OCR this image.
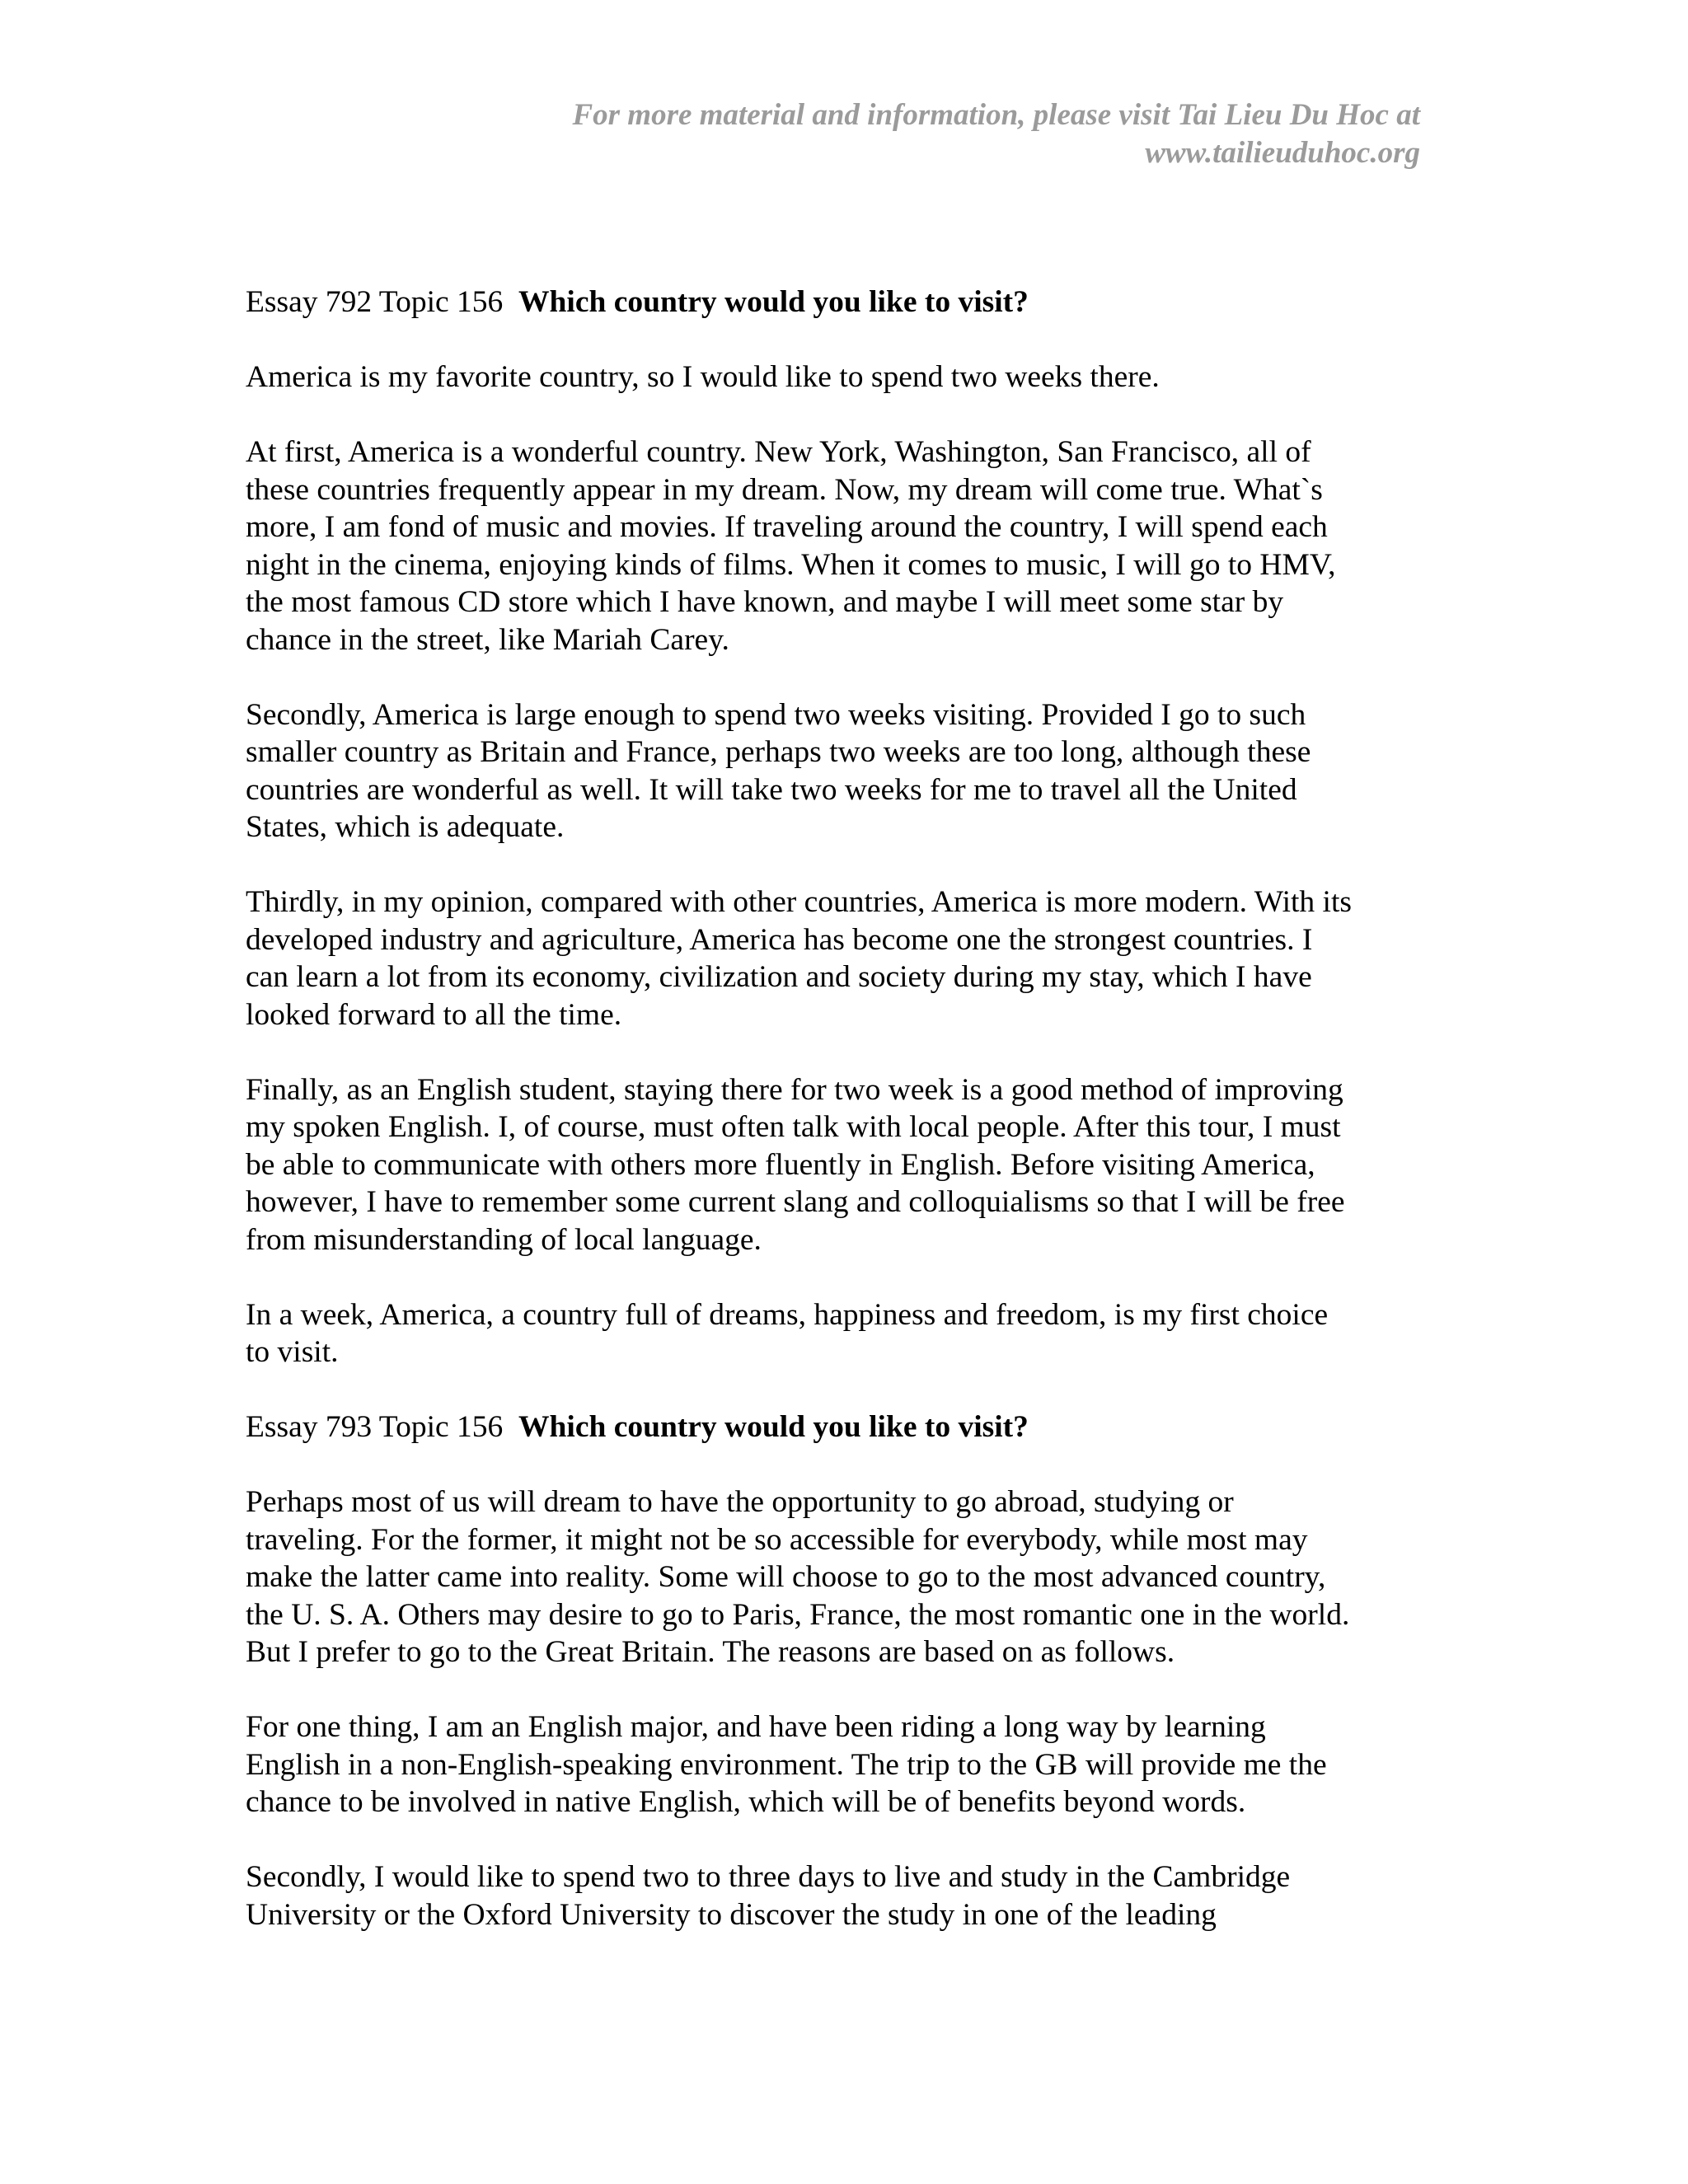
For more material and information, please visit Tai Lieu Du Hoc at
www.tailieuduhoc.org
Essay 792 Topic 156 Which country would you like to visit?
America is my favorite country, so I would like to spend two weeks there.
At first, America is a wonderful country. New York, Washington, San Francisco, all of
these countries frequently appear in my dream. Now, my dream will come true. What`s
more, I am fond of music and movies. If traveling around the country, I will spend each
night in the cinema, enjoying kinds of films. When it comes to music, I will go to HMV,
the most famous CD store which I have known, and maybe I will meet some star by
chance in the street, like Mariah Carey.
Secondly, America is large enough to spend two weeks visiting. Provided I go to such
smaller country as Britain and France, perhaps two weeks are too long, although these
countries are wonderful as well. It will take two weeks for me to travel all the United
States, which is adequate.
Thirdly, in my opinion, compared with other countries, America is more modern. With its
developed industry and agriculture, America has become one the strongest countries. I
can learn a lot from its economy, civilization and society during my stay, which I have
looked forward to all the time.
Finally, as an English student, staying there for two week is a good method of improving
my spoken English. I, of course, must often talk with local people. After this tour, I must
be able to communicate with others more fluently in English. Before visiting America,
however, I have to remember some current slang and colloquialisms so that I will be free
from misunderstanding of local language.
In a week, America, a country full of dreams, happiness and freedom, is my first choice
to visit.
Essay 793 Topic 156 Which country would you like to visit?
Perhaps most of us will dream to have the opportunity to go abroad, studying or
traveling. For the former, it might not be so accessible for everybody, while most may
make the latter came into reality. Some will choose to go to the most advanced country,
the U. S. A. Others may desire to go to Paris, France, the most romantic one in the world.
But I prefer to go to the Great Britain. The reasons are based on as follows.
For one thing, I am an English major, and have been riding a long way by learning
English in a non-English-speaking environment. The trip to the GB will provide me the
chance to be involved in native English, which will be of benefits beyond words.
Secondly, I would like to spend two to three days to live and study in the Cambridge
University or the Oxford University to discover the study in one of the leading
